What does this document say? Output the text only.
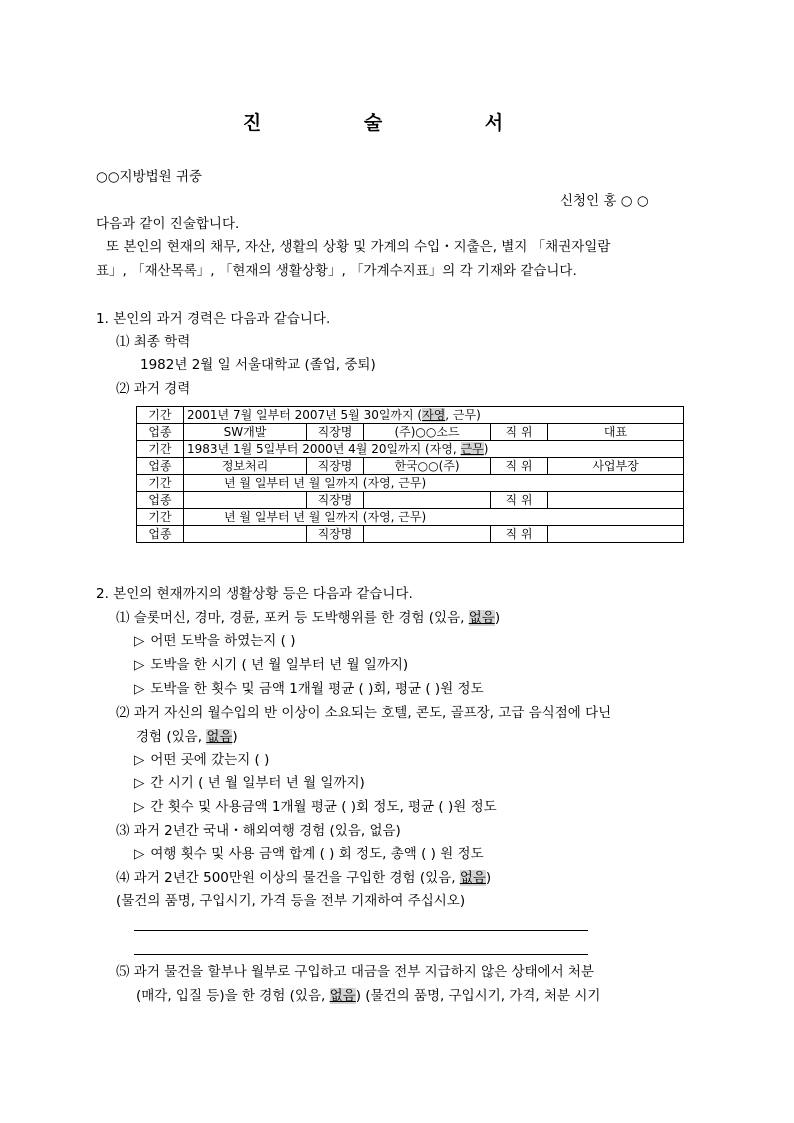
진 술 서
○○지방법원 귀중
신청인 홍 ○ ○
다음과 같이 진술합니다.
또 본인의 현재의 채무, 자산, 생활의 상황 및 가계의 수입・지출은, 별지 「채권자일람
표」, 「재산목록」, 「현재의 생활상황」, 「가계수지표」의 각 기재와 같습니다.
1. 본인의 과거 경력은 다음과 같습니다.
⑴ 최종 학력
1982년 2월 일 서울대학교 (졸업, 중퇴)
⑵ 과거 경력
기간	2001년 7월 일부터 2007년 5월 30일까지 (자영, 근무)				
업종	SW개발	직장명	(주)○○소드	직 위	대표
기간	1983년 1월 5일부터 2000년 4월 20일까지 (자영, 근무)				
업종	정보처리	직장명	한국○○(주)	직 위	사업부장
기간	년 월 일부터 년 월 일까지 (자영, 근무)				
업종		직장명		직 위	
기간	년 월 일부터 년 월 일까지 (자영, 근무)				
업종		직장명		직 위	
2. 본인의 현재까지의 생활상황 등은 다음과 같습니다.
⑴ 슬롯머신, 경마, 경륜, 포커 등 도박행위를 한 경험 (있음, 없음)
▷ 어떤 도박을 하였는지 ( )
▷ 도박을 한 시기 ( 년 월 일부터 년 월 일까지)
▷ 도박을 한 횟수 및 금액 1개월 평균 ( )회, 평균 ( )원 정도
⑵ 과거 자신의 월수입의 반 이상이 소요되는 호텔, 콘도, 골프장, 고급 음식점에 다닌
경험 (있음, 없음)
▷ 어떤 곳에 갔는지 ( )
▷ 간 시기 ( 년 월 일부터 년 월 일까지)
▷ 간 횟수 및 사용금액 1개월 평균 ( )회 정도, 평균 ( )원 정도
⑶ 과거 2년간 국내・해외여행 경험 (있음, 없음)
▷ 여행 횟수 및 사용 금액 합계 ( ) 회 정도, 총액 ( ) 원 정도
⑷ 과거 2년간 500만원 이상의 물건을 구입한 경험 (있음, 없음)
(물건의 품명, 구입시기, 가격 등을 전부 기재하여 주십시오)
⑸ 과거 물건을 할부나 월부로 구입하고 대금을 전부 지급하지 않은 상태에서 처분
(매각, 입질 등)을 한 경험 (있음, 없음) (물건의 품명, 구입시기, 가격, 처분 시기
